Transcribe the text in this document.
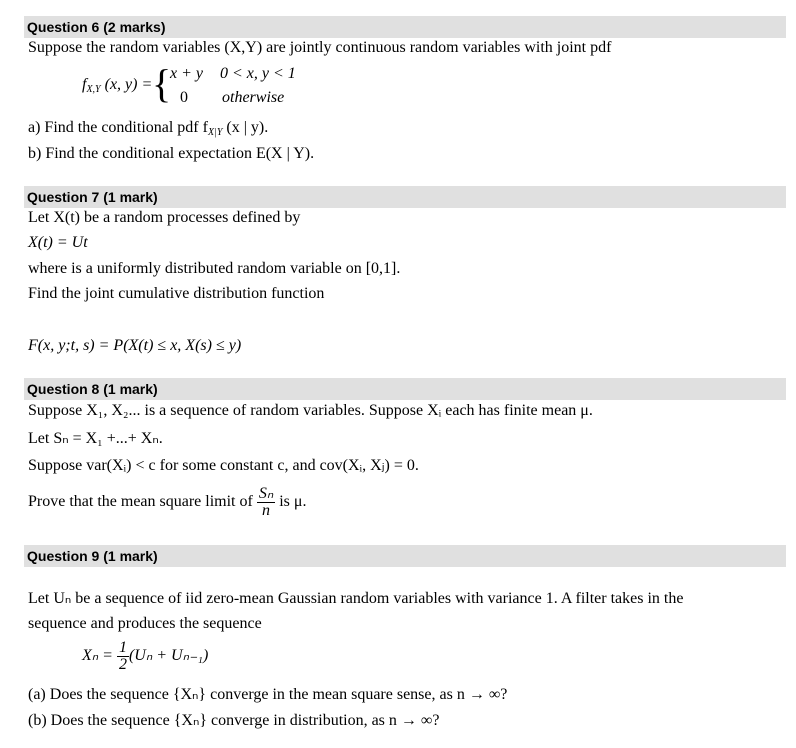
Question 6 (2 marks)
Suppose the random variables (X,Y) are jointly continuous random variables with joint pdf
$f_{X,Y}$ (x, y) = {
x + y 0 < x, y < 1
0 otherwise
a) Find the conditional pdf $f_{X|Y}$ (x | y).
b) Find the conditional expectation E(X | Y).
Question 7 (1 mark)
Let X(t) be a random processes defined by
X(t) = Ut
where is a uniformly distributed random variable on [0,1].
Find the joint cumulative distribution function
F(x, y;t, s) = P(X(t) ≤ x, X(s) ≤ y)
Question 8 (1 mark)
Suppose X₁, X₂... is a sequence of random variables. Suppose Xᵢ each has finite mean μ.
Let Sₙ = X₁ +...+ Xₙ.
Suppose var(Xᵢ) < c for some constant c, and cov(Xᵢ, Xⱼ) = 0.
Prove that the mean square limit of $\frac{\text{Sₙ}}{n}$ is μ.
Question 9 (1 mark)
Let Uₙ be a sequence of iid zero-mean Gaussian random variables with variance 1. A filter takes in the
sequence and produces the sequence
$X_n = \frac{1}{2} (U_n + U_{n-1})$
(a) Does the sequence {Xₙ} converge in the mean square sense, as n → ∞?
(b) Does the sequence {Xₙ} converge in distribution, as n → ∞?
